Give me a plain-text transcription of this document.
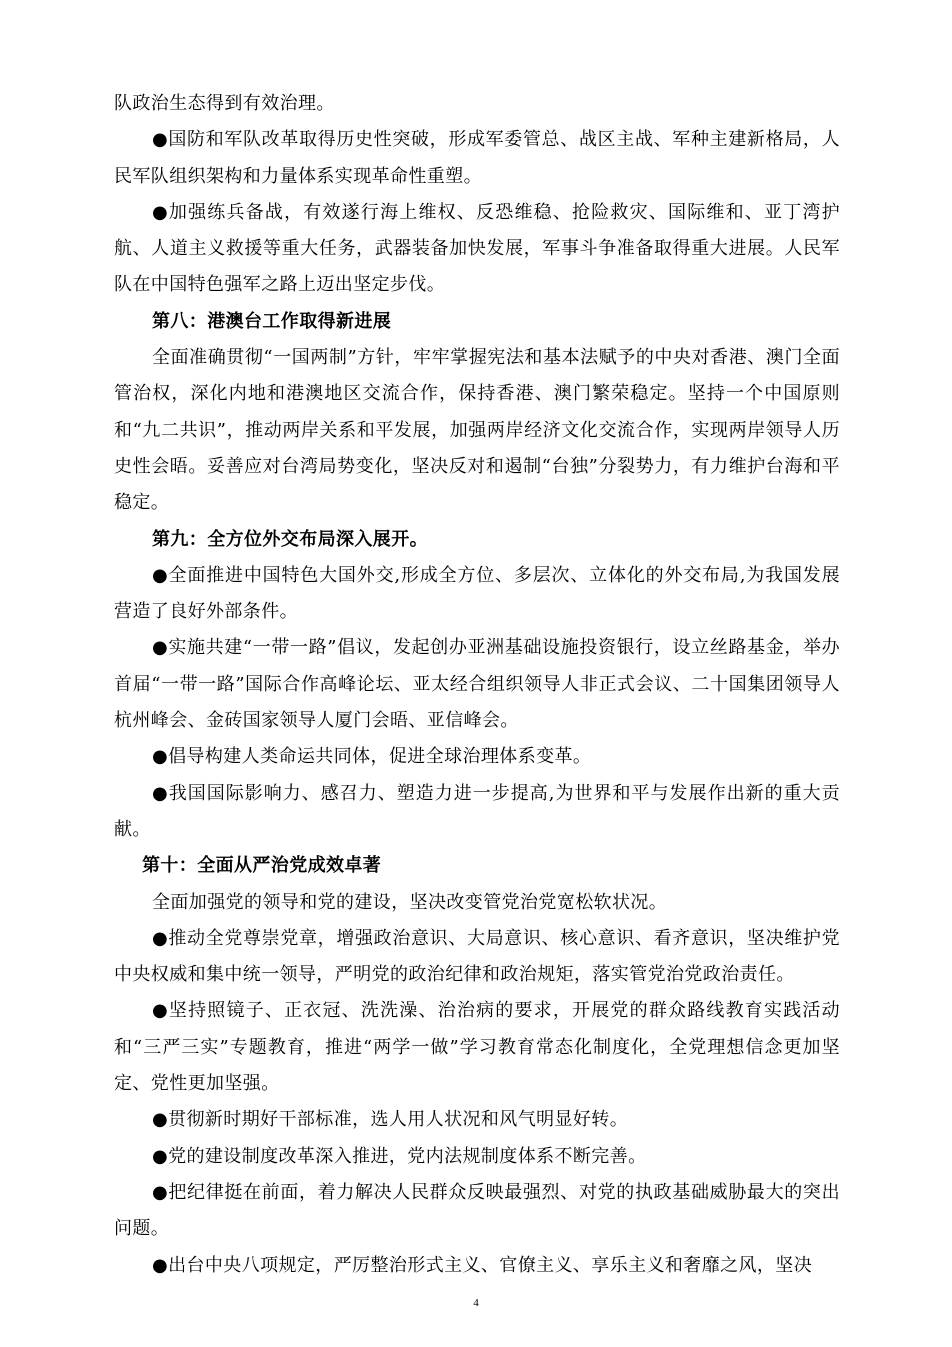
队政治生态得到有效治理。

●国防和军队改革取得历史性突破，形成军委管总、战区主战、军种主建新格局，人民军队组织架构和力量体系实现革命性重塑。

●加强练兵备战，有效遂行海上维权、反恐维稳、抢险救灾、国际维和、亚丁湾护航、人道主义救援等重大任务，武器装备加快发展，军事斗争准备取得重大进展。人民军队在中国特色强军之路上迈出坚定步伐。

第八：港澳台工作取得新进展

全面准确贯彻“一国两制”方针，牢牢掌握宪法和基本法赋予的中央对香港、澳门全面管治权，深化内地和港澳地区交流合作，保持香港、澳门繁荣稳定。坚持一个中国原则和“九二共识”，推动两岸关系和平发展，加强两岸经济文化交流合作，实现两岸领导人历史性会晤。妥善应对台湾局势变化，坚决反对和遏制“台独”分裂势力，有力维护台海和平稳定。

第九：全方位外交布局深入展开。

●全面推进中国特色大国外交,形成全方位、多层次、立体化的外交布局,为我国发展营造了良好外部条件。

●实施共建“一带一路”倡议，发起创办亚洲基础设施投资银行，设立丝路基金，举办首届“一带一路”国际合作高峰论坛、亚太经合组织领导人非正式会议、二十国集团领导人杭州峰会、金砖国家领导人厦门会晤、亚信峰会。

●倡导构建人类命运共同体，促进全球治理体系变革。

●我国国际影响力、感召力、塑造力进一步提高,为世界和平与发展作出新的重大贡献。

第十：全面从严治党成效卓著

全面加强党的领导和党的建设，坚决改变管党治党宽松软状况。

●推动全党尊崇党章，增强政治意识、大局意识、核心意识、看齐意识，坚决维护党中央权威和集中统一领导，严明党的政治纪律和政治规矩，落实管党治党政治责任。

●坚持照镜子、正衣冠、洗洗澡、治治病的要求，开展党的群众路线教育实践活动和“三严三实”专题教育，推进“两学一做”学习教育常态化制度化，全党理想信念更加坚定、党性更加坚强。

●贯彻新时期好干部标准，选人用人状况和风气明显好转。

●党的建设制度改革深入推进，党内法规制度体系不断完善。

●把纪律挺在前面，着力解决人民群众反映最强烈、对党的执政基础威胁最大的突出问题。

●出台中央八项规定，严厉整治形式主义、官僚主义、享乐主义和奢靡之风，坚决

4
